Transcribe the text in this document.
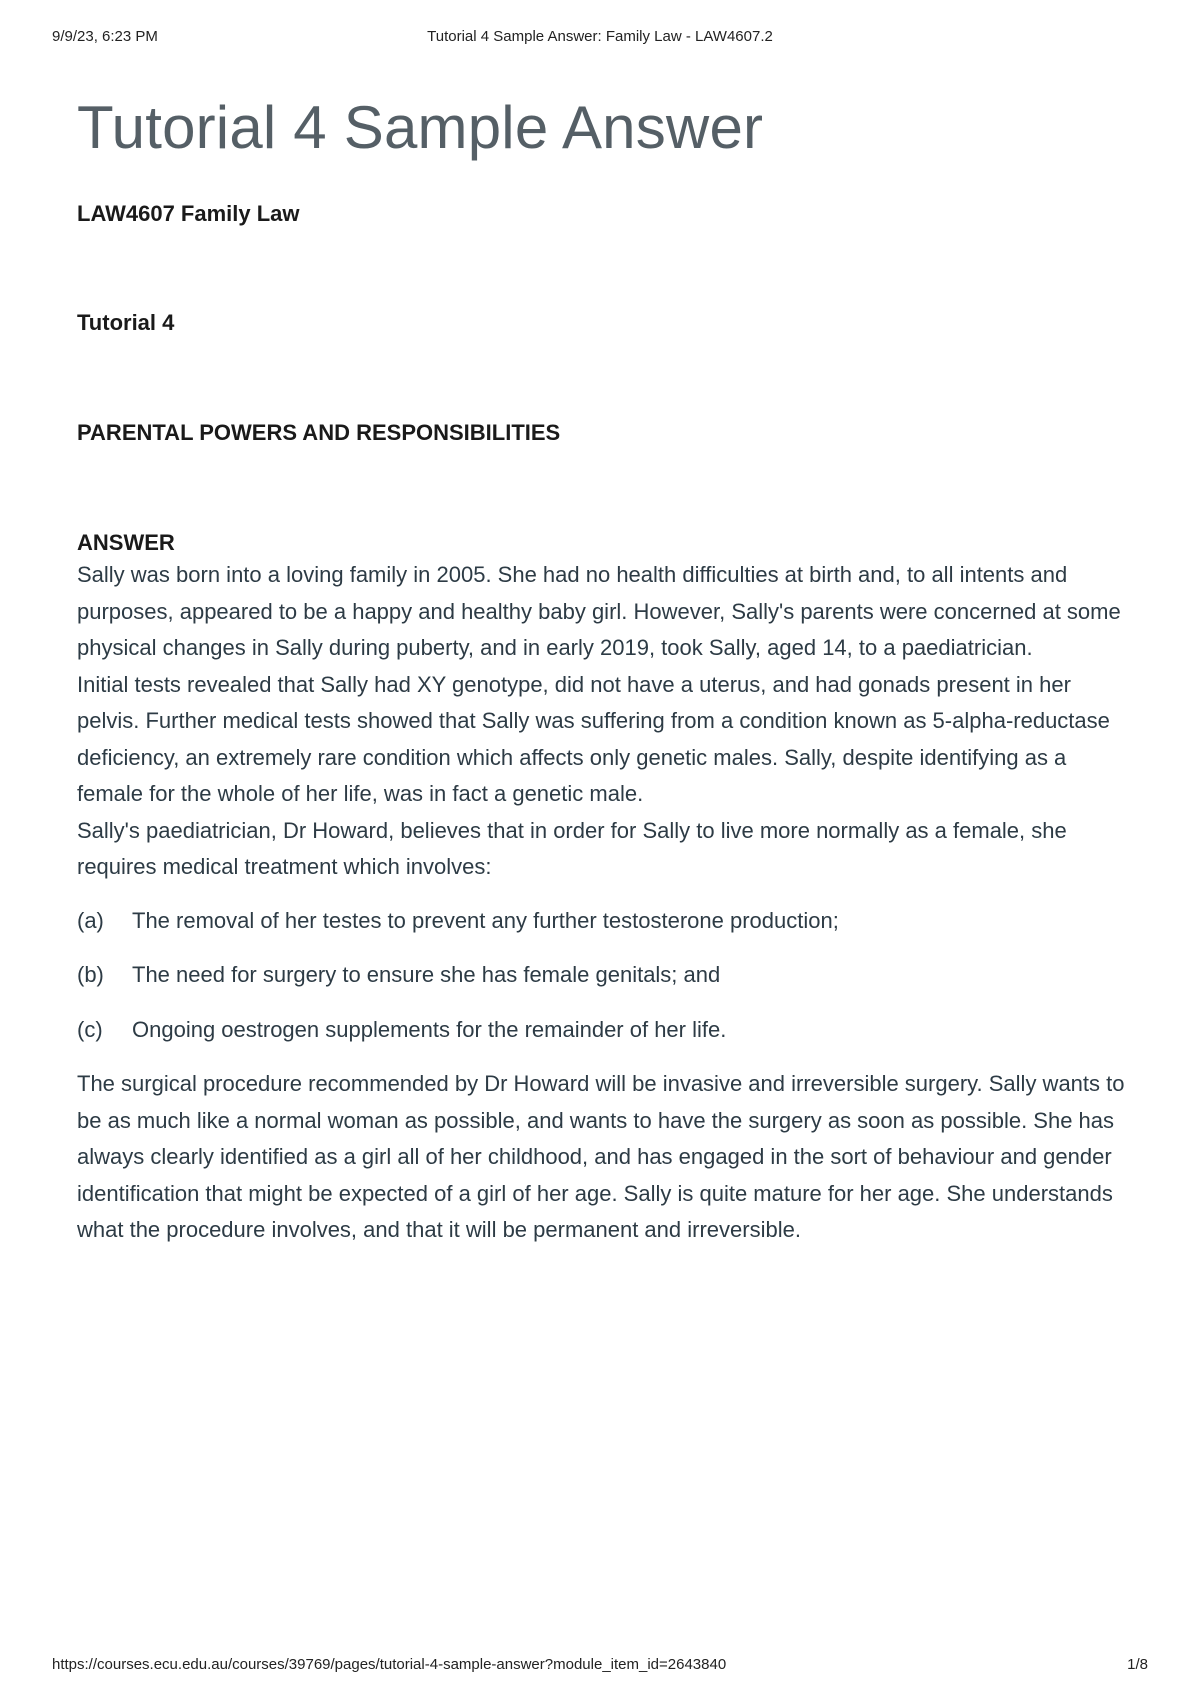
9/9/23, 6:23 PM	Tutorial 4 Sample Answer: Family Law - LAW4607.2
Tutorial 4 Sample Answer

LAW4607 Family Law

Tutorial 4

PARENTAL POWERS AND RESPONSIBILITIES

ANSWER

Sally was born into a loving family in 2005. She had no health difficulties at birth and, to all intents and purposes, appeared to be a happy and healthy baby girl. However, Sally's parents were concerned at some physical changes in Sally during puberty, and in early 2019, took Sally, aged 14, to a paediatrician.

Initial tests revealed that Sally had XY genotype, did not have a uterus, and had gonads present in her pelvis. Further medical tests showed that Sally was suffering from a condition known as 5-alpha-reductase deficiency, an extremely rare condition which affects only genetic males. Sally, despite identifying as a female for the whole of her life, was in fact a genetic male.

Sally's paediatrician, Dr Howard, believes that in order for Sally to live more normally as a female, she requires medical treatment which involves:

(a) The removal of her testes to prevent any further testosterone production;
(b) The need for surgery to ensure she has female genitals; and
(c) Ongoing oestrogen supplements for the remainder of her life.

The surgical procedure recommended by Dr Howard will be invasive and irreversible surgery. Sally wants to be as much like a normal woman as possible, and wants to have the surgery as soon as possible. She has always clearly identified as a girl all of her childhood, and has engaged in the sort of behaviour and gender identification that might be expected of a girl of her age. Sally is quite mature for her age. She understands what the procedure involves, and that it will be permanent and irreversible.

https://courses.ecu.edu.au/courses/39769/pages/tutorial-4-sample-answer?module_item_id=2643840	1/8
